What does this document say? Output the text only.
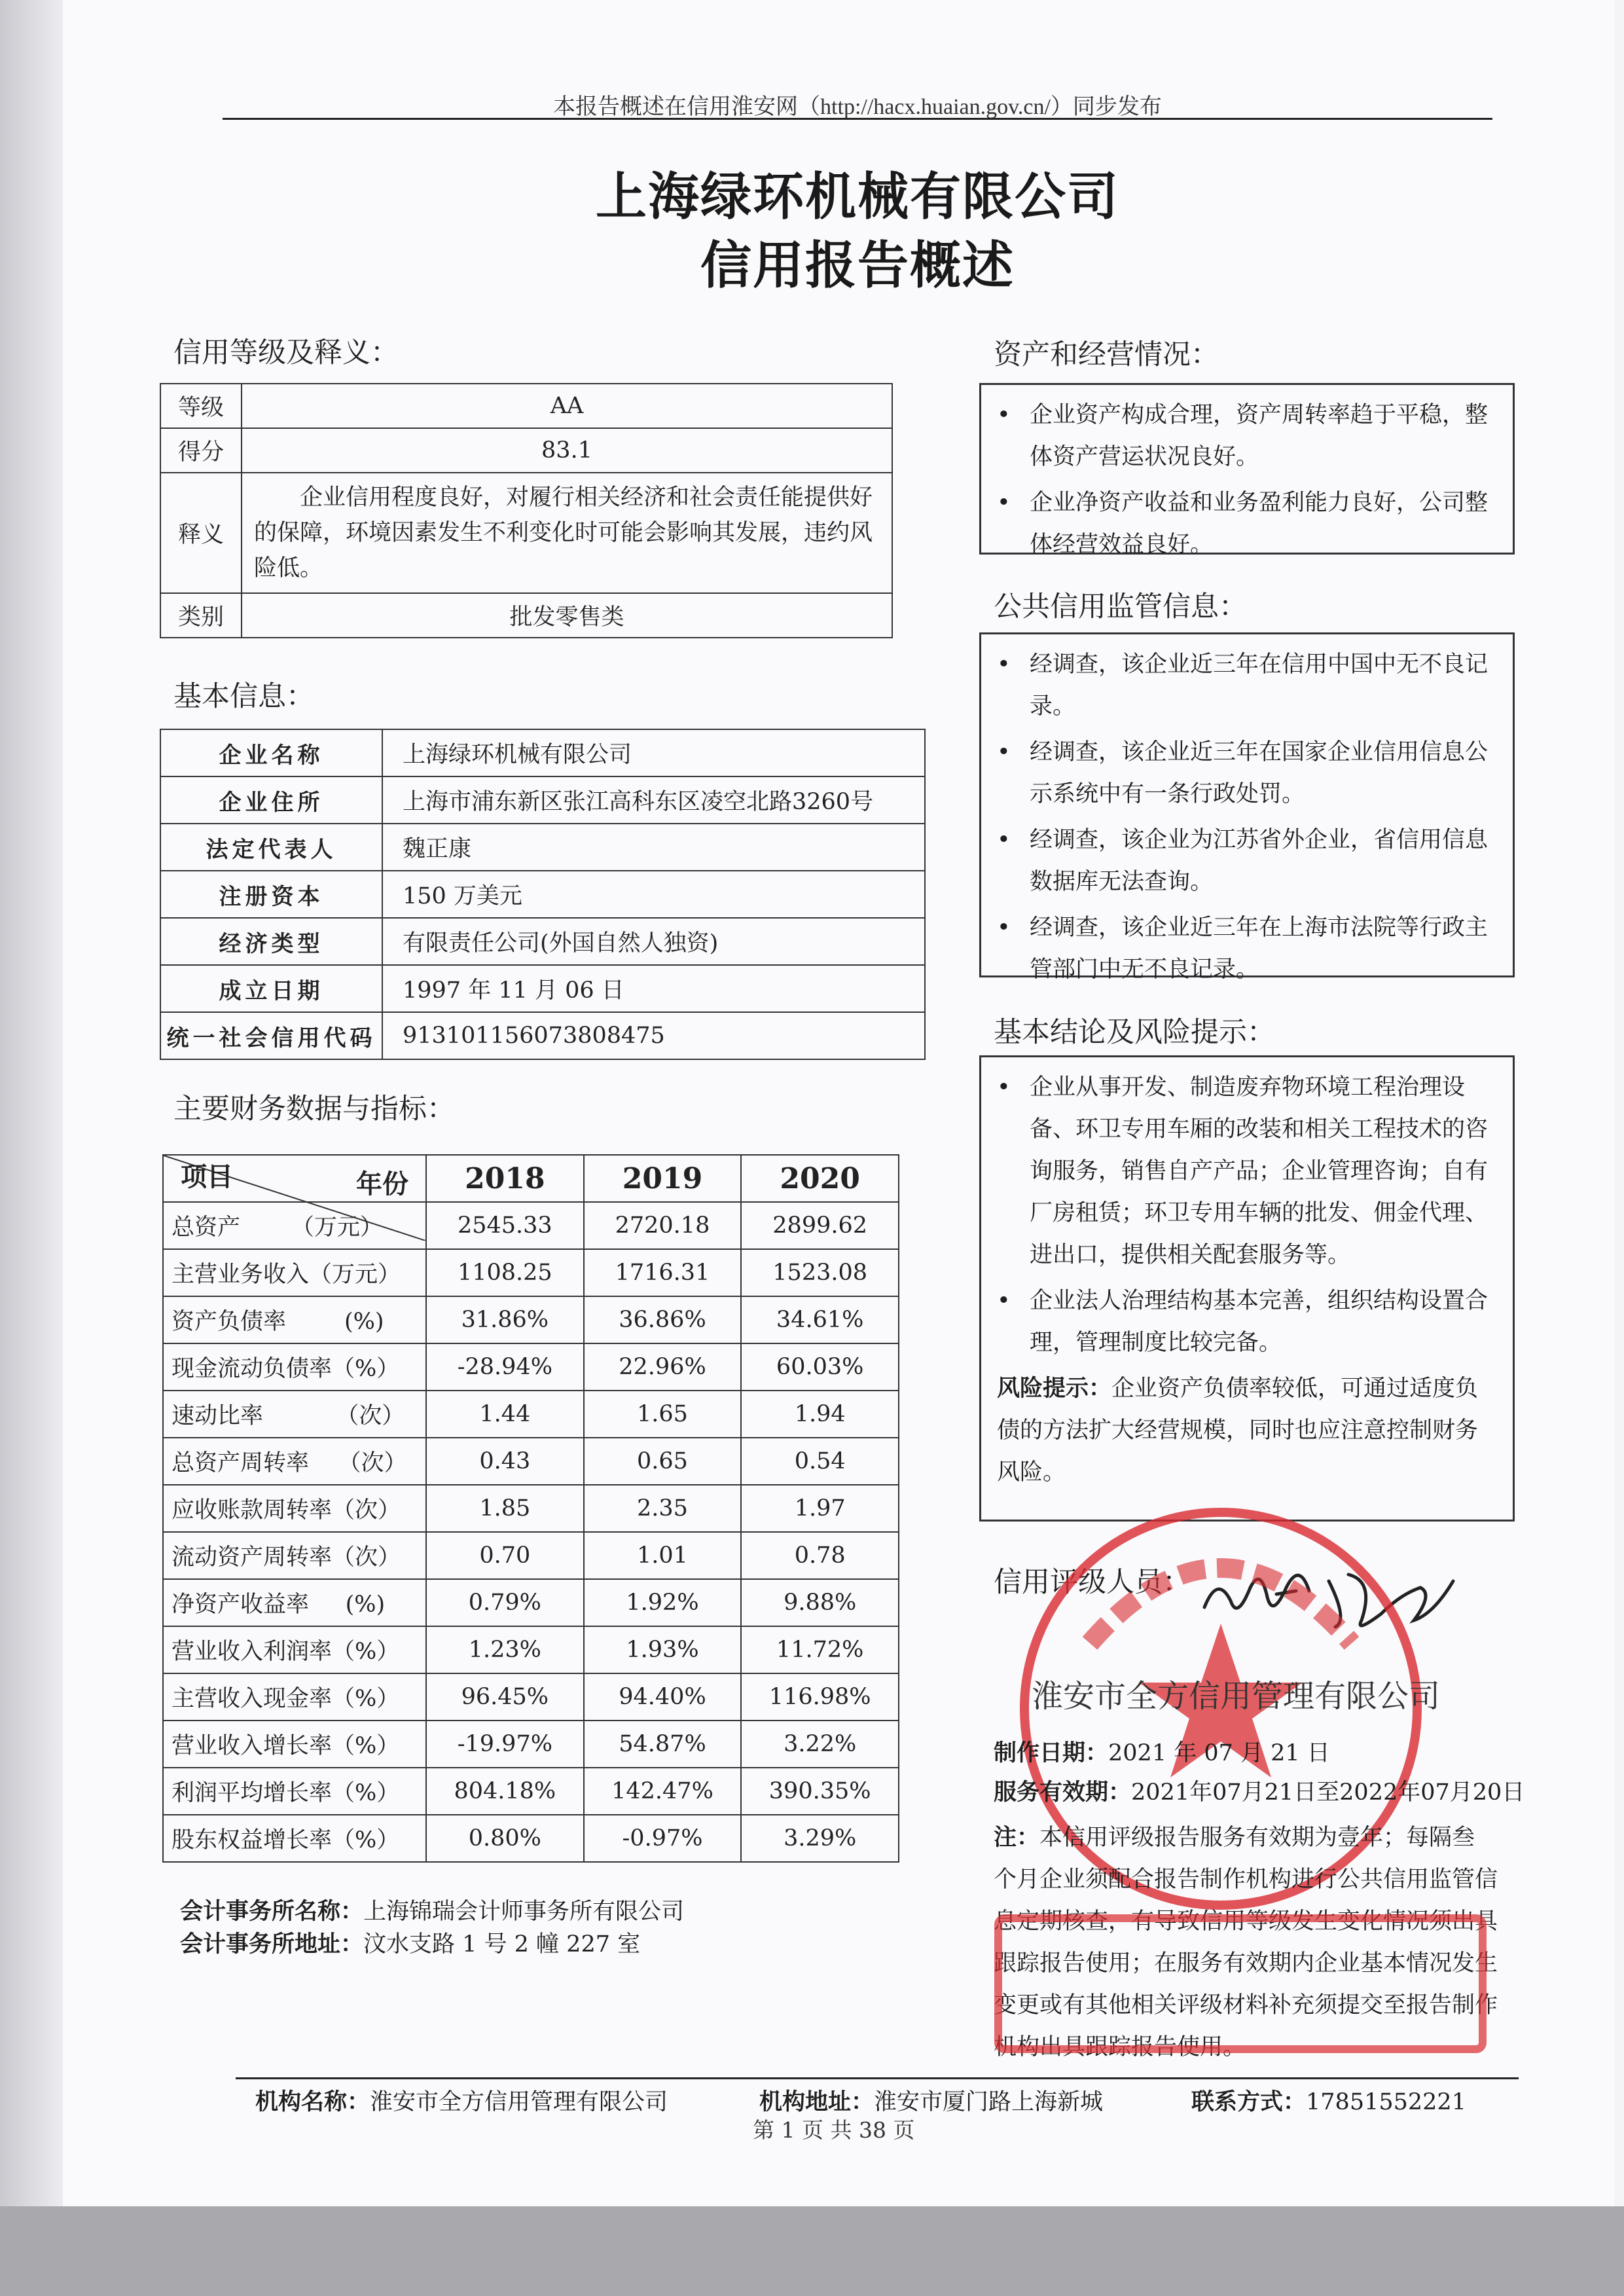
本报告概述在信用淮安网（http://hacx.huaian.gov.cn/）同步发布
上海绿环机械有限公司
信用报告概述
信用等级及释义：
等级	AA
得分	83.1
释义	企业信用程度良好，对履行相关经济和社会责任能提供好的保障，环境因素发生不利变化时可能会影响其发展，违约风险低。
类别	批发零售类
基本信息：
企业名称	上海绿环机械有限公司
企业住所	上海市浦东新区张江高科东区凌空北路3260号
法定代表人	魏正康
注册资本	150 万美元
经济类型	有限责任公司(外国自然人独资)
成立日期	1997 年 11 月 06 日
统一社会信用代码	913101156073808475
主要财务数据与指标：
年份
项目	2018	2019	2020
总资产       （万元）	2545.33	2720.18	2899.62
主营业务收入（万元）	1108.25	1716.31	1523.08
资产负债率        (%)	31.86%	36.86%	34.61%
现金流动负债率（%）	-28.94%	22.96%	60.03%
速动比率          （次）	1.44	1.65	1.94
总资产周转率    （次）	0.43	0.65	0.54
应收账款周转率（次）	1.85	2.35	1.97
流动资产周转率（次）	0.70	1.01	0.78
净资产收益率     (%)	0.79%	1.92%	9.88%
营业收入利润率（%）	1.23%	1.93%	11.72%
主营收入现金率（%）	96.45%	94.40%	116.98%
营业收入增长率（%）	-19.97%	54.87%	3.22%
利润平均增长率（%）	804.18%	142.47%	390.35%
股东权益增长率（%）	0.80%	-0.97%	3.29%
会计事务所名称：上海锦瑞会计师事务所有限公司
会计事务所地址：汶水支路 1 号 2 幢 227 室
资产和经营情况：
• 企业资产构成合理，资产周转率趋于平稳，整体资产营运状况良好。
• 企业净资产收益和业务盈利能力良好，公司整体经营效益良好。
公共信用监管信息：
• 经调查，该企业近三年在信用中国中无不良记录。
• 经调查，该企业近三年在国家企业信用信息公示系统中有一条行政处罚。
• 经调查，该企业为江苏省外企业，省信用信息数据库无法查询。
• 经调查，该企业近三年在上海市法院等行政主管部门中无不良记录。
基本结论及风险提示：
• 企业从事开发、制造废弃物环境工程治理设备、环卫专用车厢的改装和相关工程技术的咨询服务，销售自产产品；企业管理咨询；自有厂房租赁；环卫专用车辆的批发、佣金代理、进出口，提供相关配套服务等。
• 企业法人治理结构基本完善，组织结构设置合理，管理制度比较完备。
风险提示：企业资产负债率较低，可通过适度负债的方法扩大经营规模，同时也应注意控制财务风险。
信用评级人员：
淮安市全方信用管理有限公司
制作日期：2021 年 07 月 21 日
服务有效期：2021年07月21日至2022年07月20日
注：本信用评级报告服务有效期为壹年；每隔叁个月企业须配合报告制作机构进行公共信用监管信息定期核查，有导致信用等级发生变化情况须出具跟踪报告使用；在服务有效期内企业基本情况发生变更或有其他相关评级材料补充须提交至报告制作机构出具跟踪报告使用。
机构名称：淮安市全方信用管理有限公司	机构地址：淮安市厦门路上海新城	联系方式：17851552221
第 1 页 共 38 页
